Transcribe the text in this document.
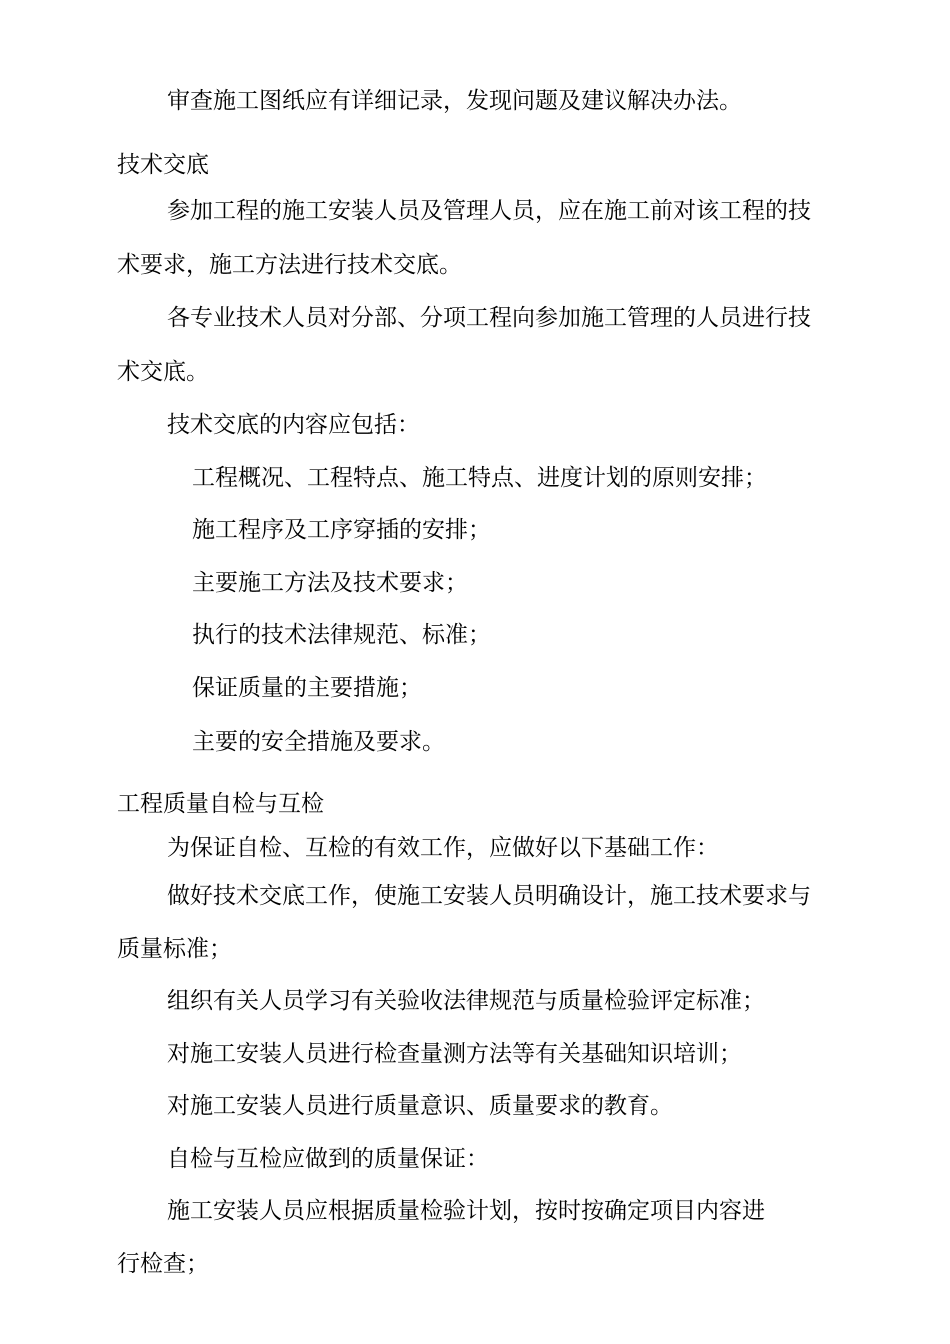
审查施工图纸应有详细记录，发现问题及建议解决办法。

技术交底

参加工程的施工安装人员及管理人员，应在施工前对该工程的技

术要求，施工方法进行技术交底。

各专业技术人员对分部、分项工程向参加施工管理的人员进行技

术交底。

技术交底的内容应包括：

工程概况、工程特点、施工特点、进度计划的原则安排；

施工程序及工序穿插的安排；

主要施工方法及技术要求；

执行的技术法律规范、标准；

保证质量的主要措施；

主要的安全措施及要求。

工程质量自检与互检

为保证自检、互检的有效工作，应做好以下基础工作：

做好技术交底工作，使施工安装人员明确设计，施工技术要求与

质量标准；

组织有关人员学习有关验收法律规范与质量检验评定标准；

对施工安装人员进行检查量测方法等有关基础知识培训；

对施工安装人员进行质量意识、质量要求的教育。

自检与互检应做到的质量保证：

施工安装人员应根据质量检验计划，按时按确定项目内容进

行检查；
